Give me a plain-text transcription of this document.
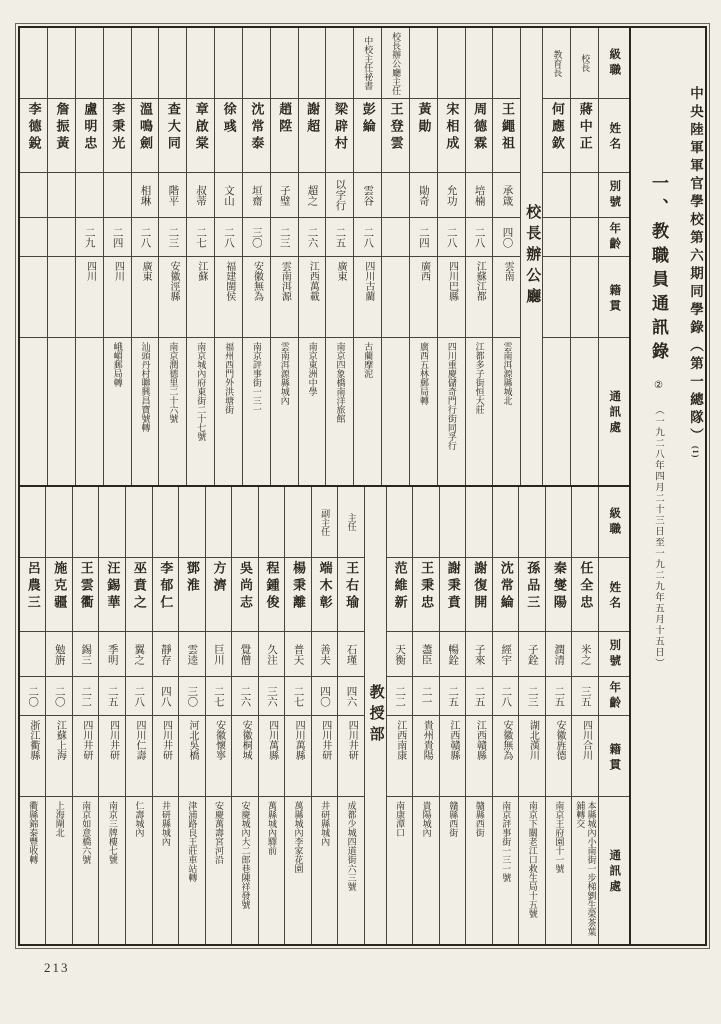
級職
姓名
別號
年齡
籍貫
通訊處
校長
蔣中正
教育長
何應欽
校長辦公廳
王繩祖
承箴
四〇
雲南
雲南洱源縣城北
周德霖
培楠
二八
江蘇江都
江都多子街恒大莊
宋相成
允功
二八
四川巴縣
四川重慶儲奇門行街同孚行
黃勛
勛奇
二四
廣西
廣西五林郵局轉
校長辦公廳主任
王登雲
中校主任祕書
彭綸
雲谷
二八
四川古藺
古藺摩泥
梁辟村
以字行
二五
廣東
南京四象橋南洋旅館
謝超
超之
二六
江西萬載
南京東洲中學
趙陞
子璧
二三
雲南洱源
雲南洱源縣城內
沈常泰
垣齋
三〇
安徽無為
南京評事街一三一
徐彧
文山
二八
福建閩侯
福州西門外洪塘街
章啟棠
叔蒂
二七
江蘇
南京城內府東街二十七號
查大同
階平
二三
安徽涇縣
南京潤德里二十六號
溫鳴劍
相琳
二八
廣東
汕頭丹村聯興昌寶號轉
李秉光
二四
四川
峨嵋郵局轉
盧明忠
二九
四川
詹振黃
李德銳
級職
姓名
別號
年齡
籍貫
通訊處
任全忠
米之
三五
四川合川
本縣城內小南街一步梯劉生榮茶葉鋪轉交
秦燮陽
潤清
二五
安徽旌德
南京王府園十一號
孫品三
子銓
二三
湖北漢川
南京下關老江口救生局十五號
沈常綸
經宇
二八
安徽無為
南京評事街一三一號
謝復開
子來
二五
江西贛縣
贛縣西街
謝秉賁
暢銓
二五
江西贛縣
贛縣西街
王秉忠
藎臣
二一
貴州貴陽
貴陽城內
范維新
天衡
二二
江西南康
南康潭口
教授部
主任
王右瑜
石瑾
四六
四川井研
成都少城四道街六三號
副主任
端木彰
善夫
四〇
四川井研
井研縣城內
楊秉離
普天
二七
四川萬縣
萬縣城內李家花園
程鍾俊
久注
三六
四川萬縣
萬縣城內驛前
吳尚志
覺僧
二六
安徽桐城
安慶城內大二郎巷陳祥發號
方濟
巨川
二七
安徽懷寧
安慶萬壽宮河沿
鄧淮
雲逵
三〇
河北吳橋
津浦路良王莊車站轉
李郁仁
靜存
四八
四川井研
井研縣城內
巫賁之
翼之
二八
四川仁壽
仁壽城內
汪錫華
季明
二五
四川井研
南京三牌樓七號
王雲衢
錫三
二二
四川井研
南京如意橋六號
施克疆
勉旃
二〇
江蘇上海
上海閘北
呂農三
二〇
浙江衢縣
衢縣錦泰豐收轉
中央陸軍軍官學校第六期同學錄（第一總隊）(1)
一、教職員通訊錄 ② （一九二八年四月二十三日至一九二九年五月十五日）
213
